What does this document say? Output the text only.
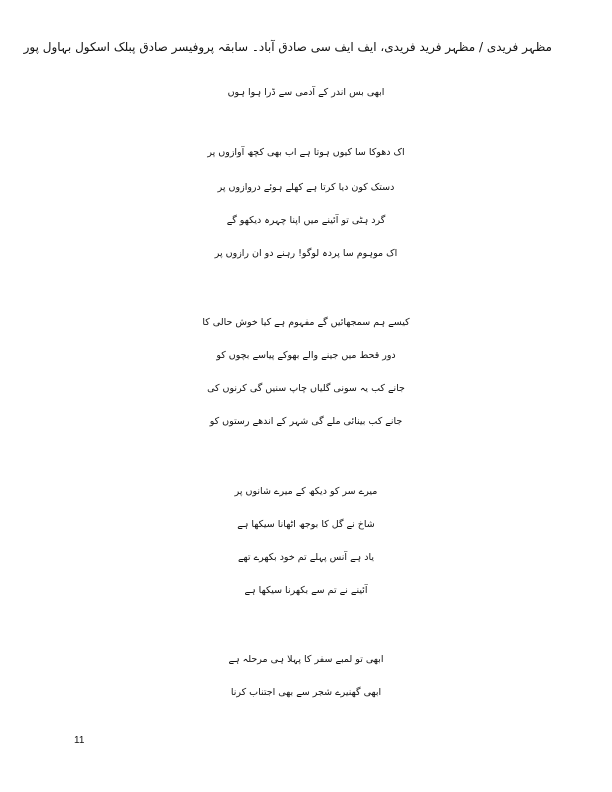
مظہر فریدی / مظہر فرید فریدی، ایف ایف سی صادق آباد۔ سابقہ پروفیسر صادق پبلک اسکول بہاول پور
ابھی بس اندر کے آدمی سے ڈرا ہوا ہوں
اک دھوکا سا کیوں ہوتا ہے اب بھی کچھ آوازوں پر
دستک کون دیا کرتا ہے کھلے ہوئے دروازوں پر
گرد ہٹی تو آئینے میں اپنا چہرہ دیکھو گے
اک موہوم سا پردہ لوگو! رہنے دو ان رازوں پر
کیسے ہم سمجھائیں گے مفہوم ہے کیا خوش حالی کا
دور قحط میں جینے والے بھوکے پیاسے بچوں کو
جانے کب یہ سونی گلیاں چاپ سنیں گی کرنوں کی
جانے کب بینائی ملے گی شہر کے اندھے رستوں کو
میرے سر کو دیکھ کے میرے شانوں پر
شاخ نے گل کا بوجھ اٹھانا سیکھا ہے
یاد ہے آنس پہلے تم خود بکھرے تھے
آئینے نے تم سے بکھرنا سیکھا ہے
ابھی تو لمبے سفر کا پہلا ہی مرحلہ ہے
ابھی گھنیرے شجر سے بھی اجتناب کرنا
11
